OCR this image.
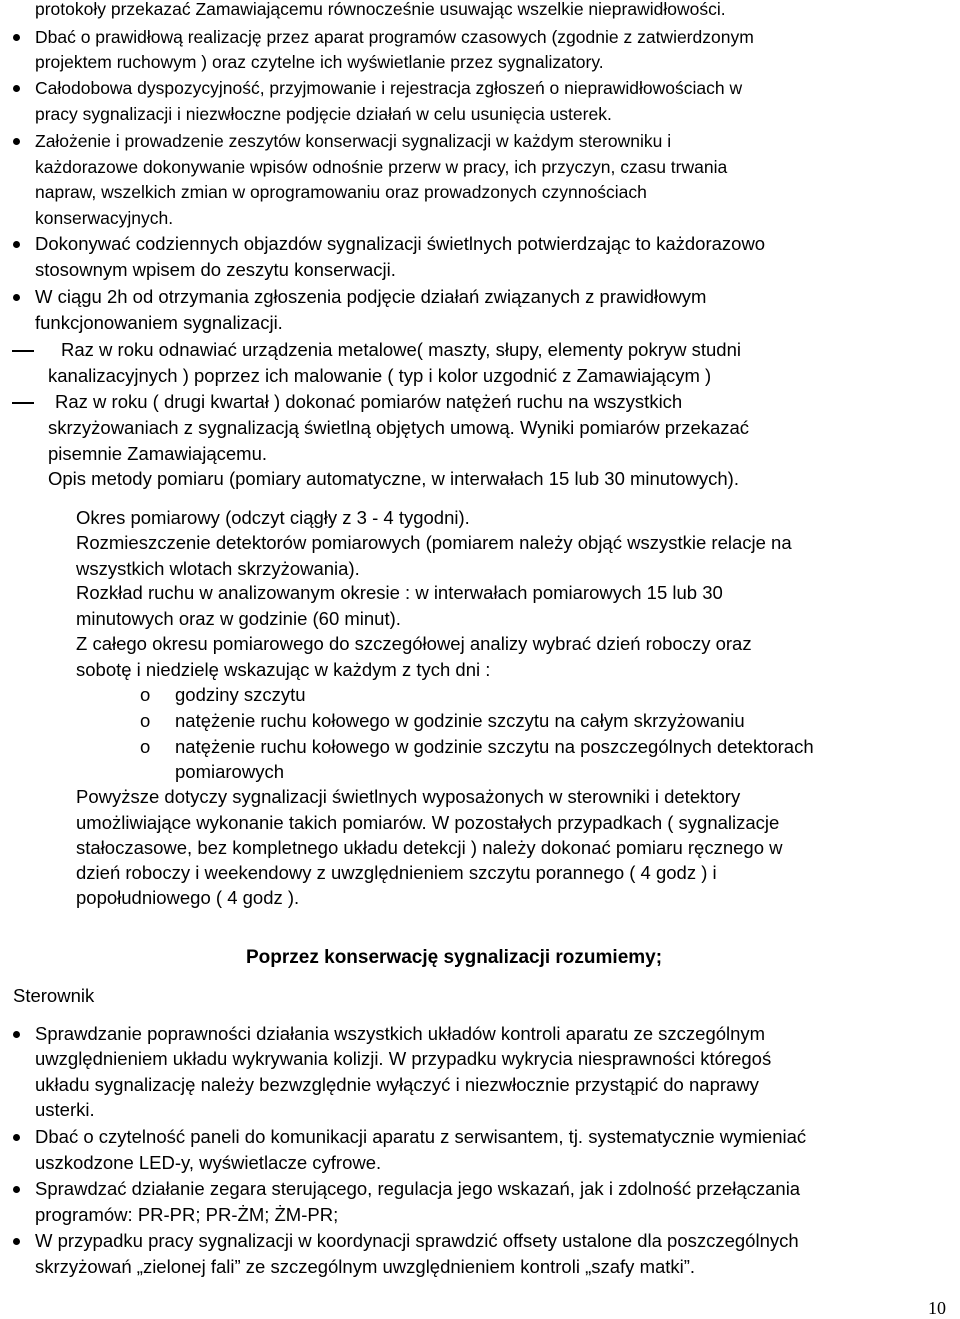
protokoły przekazać Zamawiającemu równocześnie usuwając wszelkie nieprawidłowości.
Dbać o prawidłową realizację przez aparat programów czasowych (zgodnie z zatwierdzonym
projektem ruchowym ) oraz czytelne ich wyświetlanie przez sygnalizatory.
Całodobowa dyspozycyjność, przyjmowanie i rejestracja zgłoszeń o nieprawidłowościach w
pracy sygnalizacji i niezwłoczne podjęcie działań w celu usunięcia usterek.
Założenie i prowadzenie zeszytów konserwacji sygnalizacji w każdym sterowniku i
każdorazowe dokonywanie wpisów odnośnie przerw w pracy, ich przyczyn, czasu trwania
napraw, wszelkich zmian w oprogramowaniu oraz prowadzonych czynnościach
konserwacyjnych.
Dokonywać codziennych objazdów sygnalizacji świetlnych potwierdzając to każdorazowo
stosownym wpisem do zeszytu konserwacji.
W ciągu 2h od otrzymania zgłoszenia podjęcie działań związanych z prawidłowym
funkcjonowaniem sygnalizacji.
Raz w roku odnawiać urządzenia metalowe( maszty, słupy, elementy pokryw studni
kanalizacyjnych ) poprzez ich malowanie ( typ i kolor uzgodnić z Zamawiającym )
Raz w roku ( drugi kwartał ) dokonać pomiarów natężeń ruchu na wszystkich
skrzyżowaniach z sygnalizacją świetlną objętych umową. Wyniki pomiarów przekazać
pisemnie Zamawiającemu.
Opis metody pomiaru (pomiary automatyczne, w interwałach 15 lub 30 minutowych).
Okres pomiarowy (odczyt ciągły z 3 - 4 tygodni).
Rozmieszczenie detektorów pomiarowych (pomiarem należy objąć wszystkie relacje na
wszystkich wlotach skrzyżowania).
Rozkład ruchu w analizowanym okresie : w interwałach pomiarowych 15 lub 30
minutowych oraz w godzinie (60 minut).
Z całego okresu pomiarowego do szczegółowej analizy wybrać dzień roboczy oraz
sobotę i niedzielę wskazując w każdym z tych dni :
o godziny szczytu
o natężenie ruchu kołowego w godzinie szczytu na całym skrzyżowaniu
o natężenie ruchu kołowego w godzinie szczytu na poszczególnych detektorach
pomiarowych
Powyższe dotyczy sygnalizacji świetlnych wyposażonych w sterowniki i detektory
umożliwiające wykonanie takich pomiarów. W pozostałych przypadkach ( sygnalizacje
stałoczasowe, bez kompletnego układu detekcji ) należy dokonać pomiaru ręcznego w
dzień roboczy i weekendowy z uwzględnieniem szczytu porannego ( 4 godz ) i
popołudniowego ( 4 godz ).
Poprzez konserwację sygnalizacji rozumiemy;
Sterownik
Sprawdzanie poprawności działania wszystkich układów kontroli aparatu ze szczególnym
uwzględnieniem układu wykrywania kolizji. W przypadku wykrycia niesprawności któregoś
układu sygnalizację należy bezwzględnie wyłączyć i niezwłocznie przystąpić do naprawy
usterki.
Dbać o czytelność paneli do komunikacji aparatu z serwisantem, tj. systematycznie wymieniać
uszkodzone LED-y, wyświetlacze cyfrowe.
Sprawdzać działanie zegara sterującego, regulacja jego wskazań, jak i zdolność przełączania
programów: PR-PR; PR-ŻM; ŻM-PR;
W przypadku pracy sygnalizacji w koordynacji sprawdzić offsety ustalone dla poszczególnych
skrzyżowań „zielonej fali” ze szczególnym uwzględnieniem kontroli „szafy matki”.
10
